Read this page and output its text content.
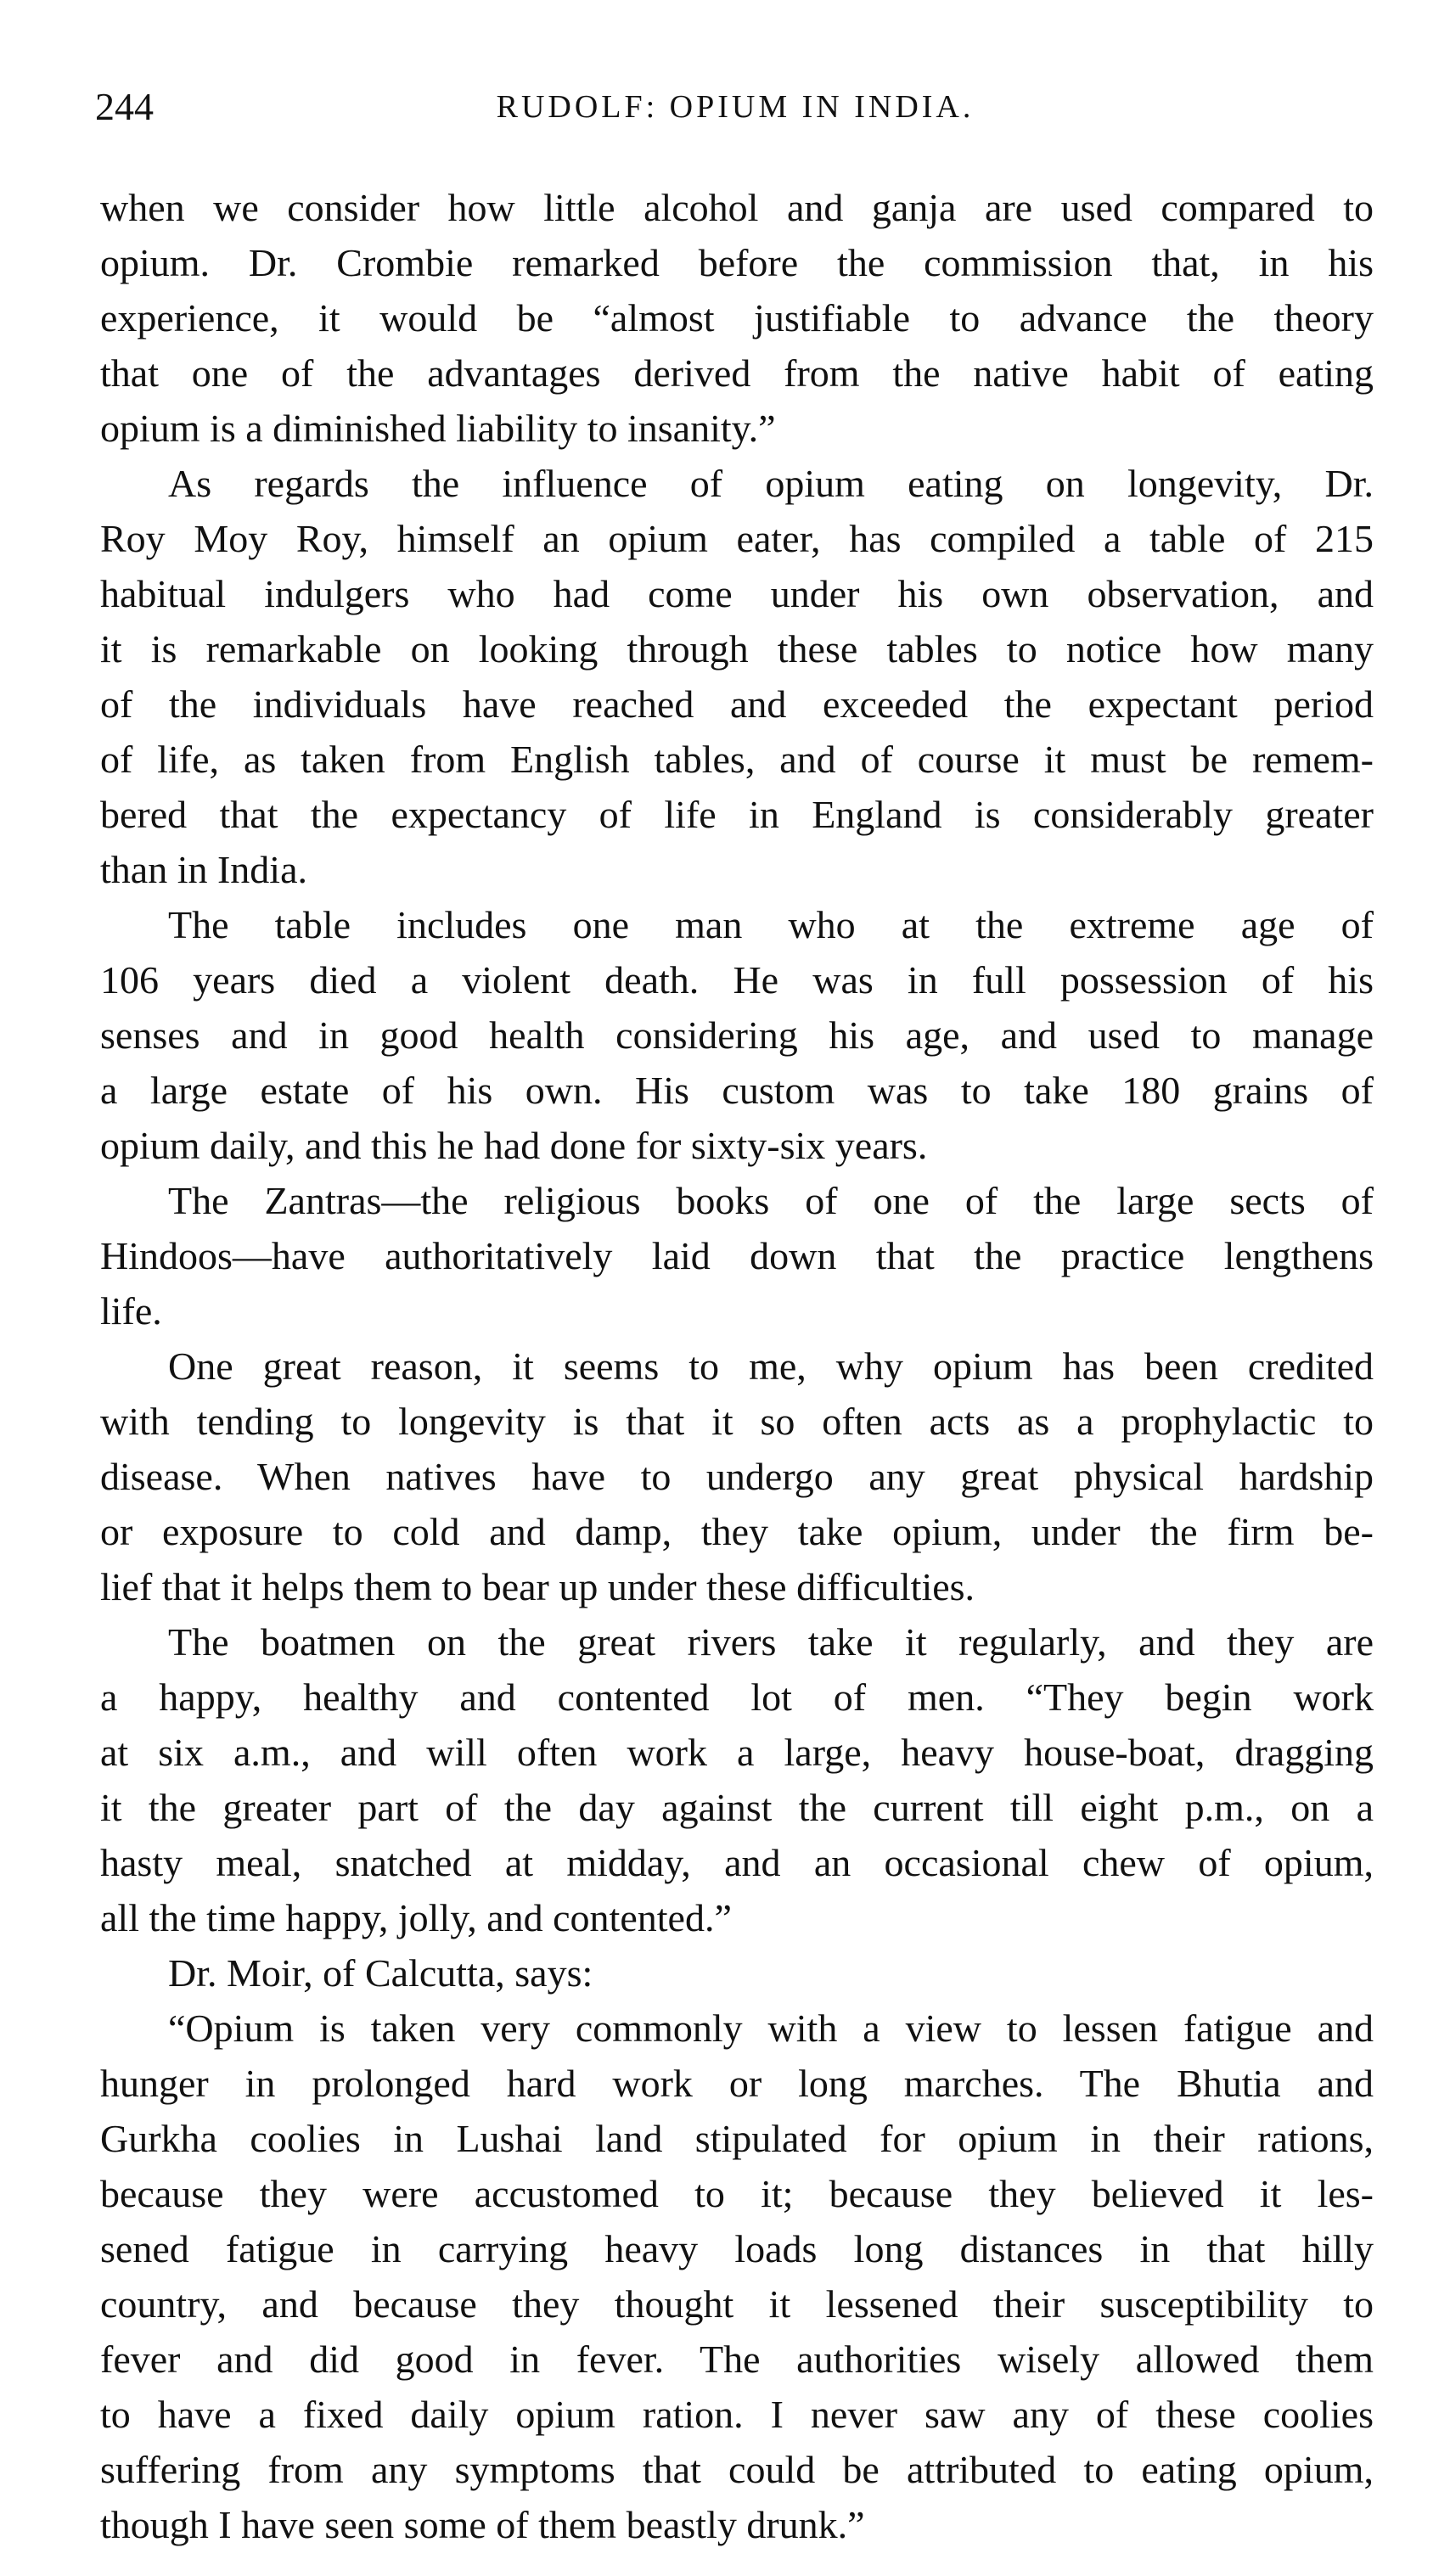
244	RUDOLF: OPIUM IN INDIA.
when we consider how little alcohol and ganja are used compared to
opium. Dr. Crombie remarked before the commission that, in his
experience, it would be “almost justifiable to advance the theory
that one of the advantages derived from the native habit of eating
opium is a diminished liability to insanity.”
As regards the influence of opium eating on longevity, Dr.
Roy Moy Roy, himself an opium eater, has compiled a table of 215
habitual indulgers who had come under his own observation, and
it is remarkable on looking through these tables to notice how many
of the individuals have reached and exceeded the expectant period
of life, as taken from English tables, and of course it must be remem-
bered that the expectancy of life in England is considerably greater
than in India.
The table includes one man who at the extreme age of
106 years died a violent death. He was in full possession of his
senses and in good health considering his age, and used to manage
a large estate of his own. His custom was to take 180 grains of
opium daily, and this he had done for sixty-six years.
The Zantras—the religious books of one of the large sects of
Hindoos—have authoritatively laid down that the practice lengthens
life.
One great reason, it seems to me, why opium has been credited
with tending to longevity is that it so often acts as a prophylactic to
disease. When natives have to undergo any great physical hardship
or exposure to cold and damp, they take opium, under the firm be-
lief that it helps them to bear up under these difficulties.
The boatmen on the great rivers take it regularly, and they are
a happy, healthy and contented lot of men. “They begin work
at six a.m., and will often work a large, heavy house-boat, dragging
it the greater part of the day against the current till eight p.m., on a
hasty meal, snatched at midday, and an occasional chew of opium,
all the time happy, jolly, and contented.”
Dr. Moir, of Calcutta, says:
“Opium is taken very commonly with a view to lessen fatigue and
hunger in prolonged hard work or long marches. The Bhutia and
Gurkha coolies in Lushai land stipulated for opium in their rations,
because they were accustomed to it; because they believed it les-
sened fatigue in carrying heavy loads long distances in that hilly
country, and because they thought it lessened their susceptibility to
fever and did good in fever. The authorities wisely allowed them
to have a fixed daily opium ration. I never saw any of these coolies
suffering from any symptoms that could be attributed to eating opium,
though I have seen some of them beastly drunk.”
